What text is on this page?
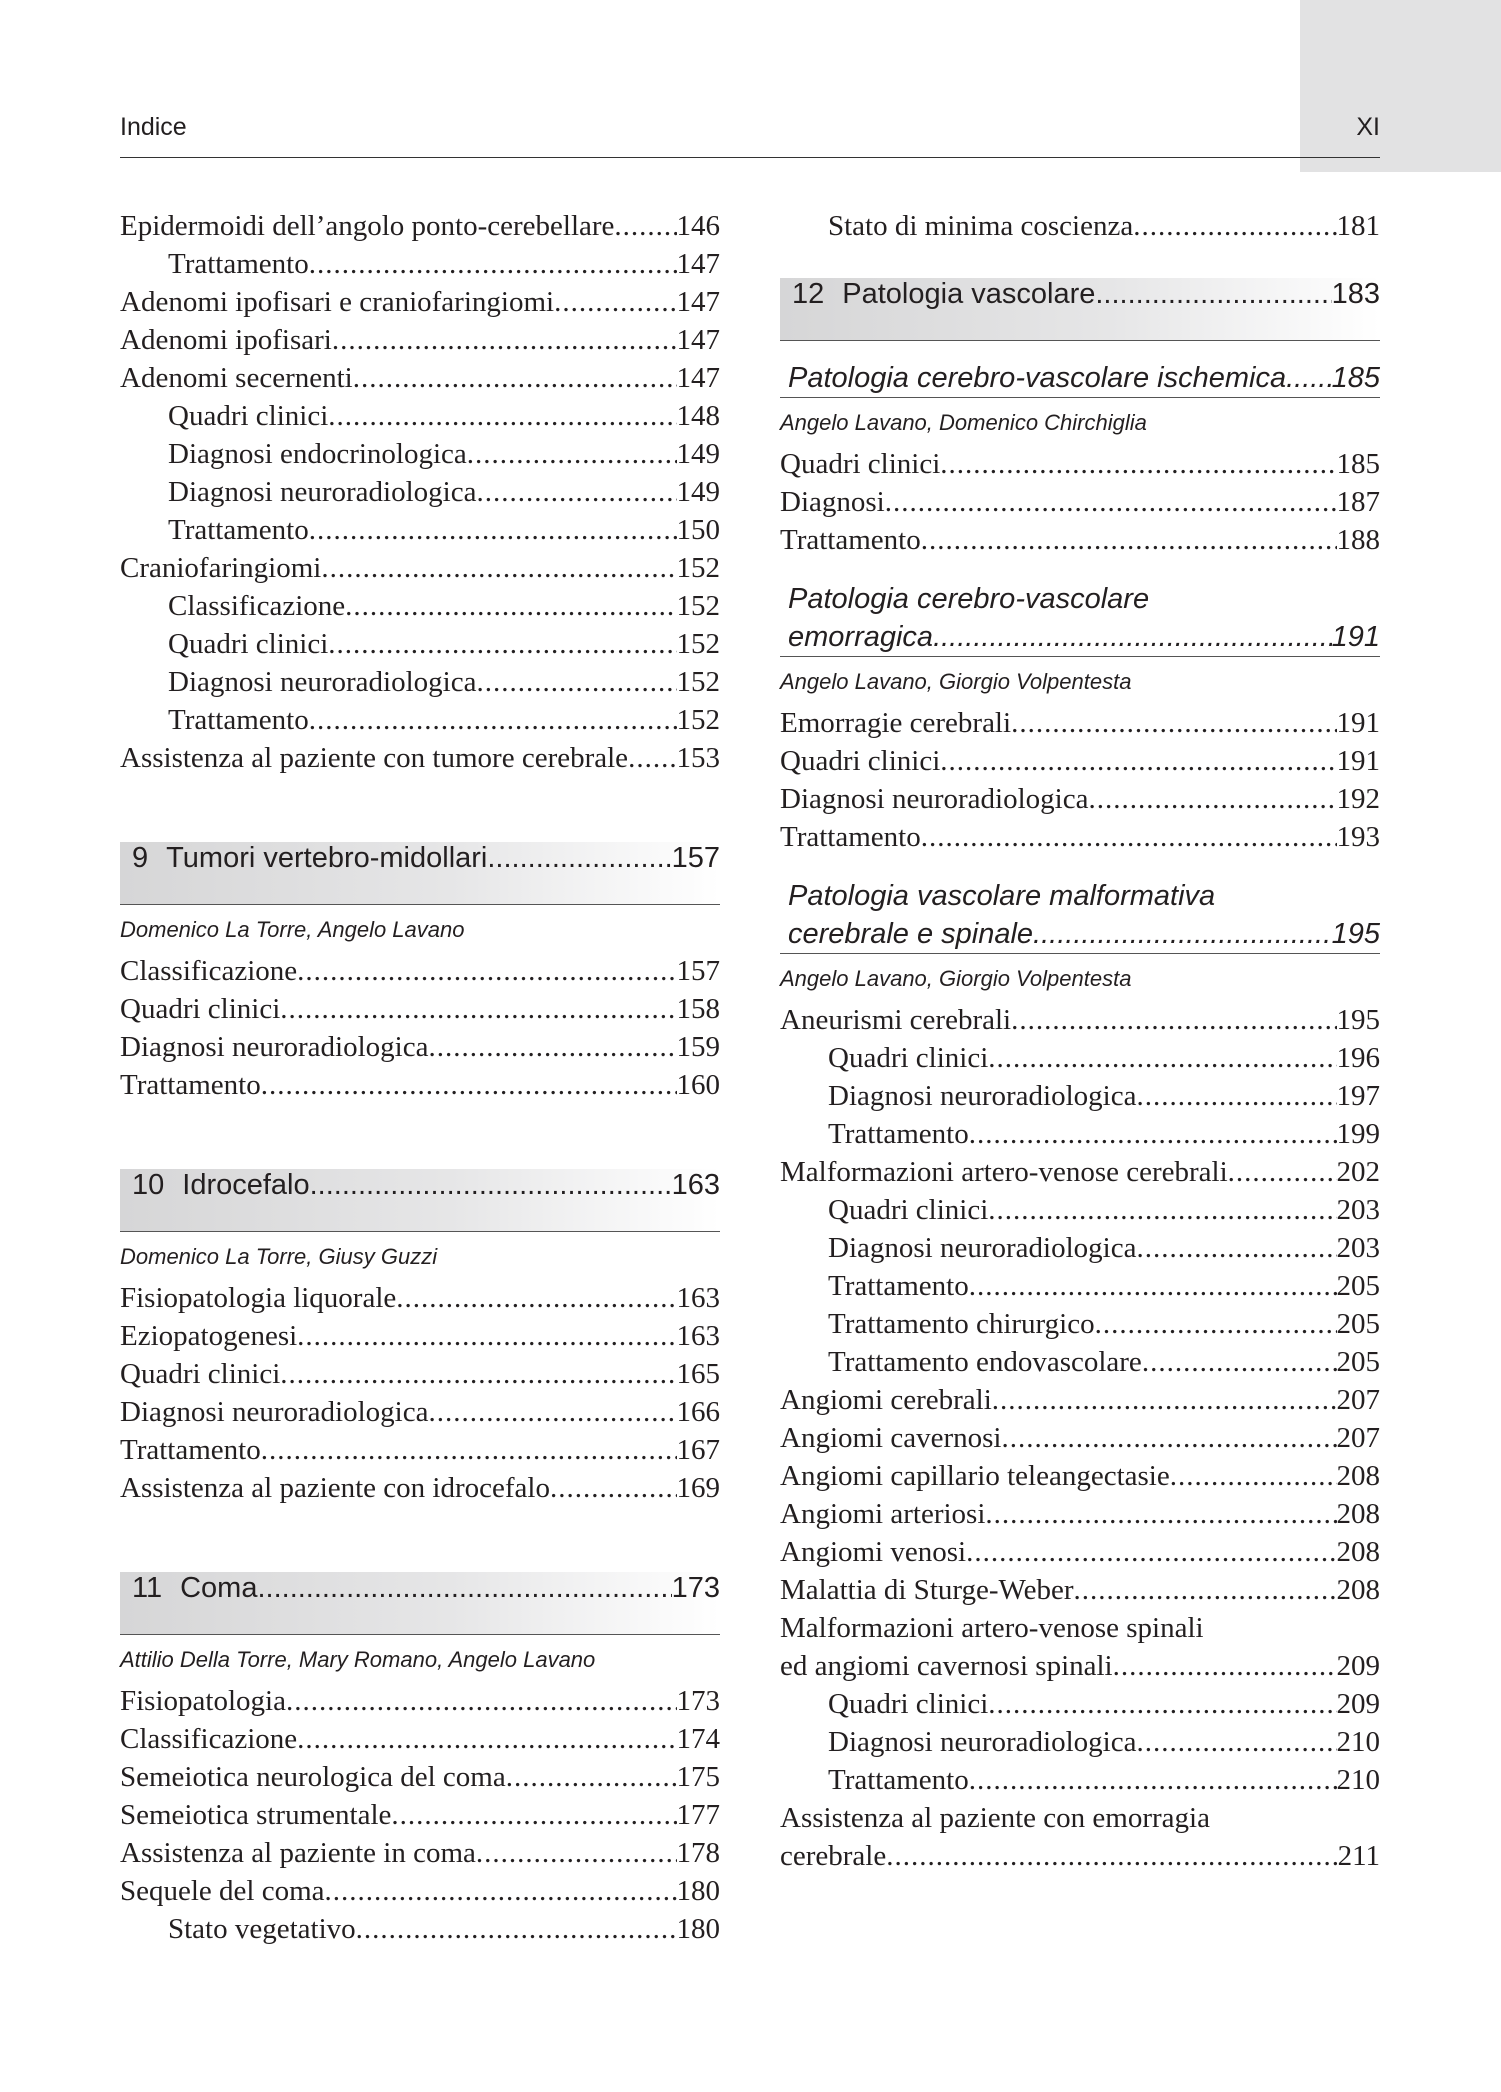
Indice	XI
Epidermoidi dell’angolo ponto-cerebellare ..... 146
Trattamento .....	147
Adenomi ipofisari e craniofaringiomi .....	147
Adenomi ipofisari .....	147
Adenomi secernenti .....	147
Quadri clinici .....	148
Diagnosi endocrinologica .....	149
Diagnosi neuroradiologica .....	149
Trattamento .....	150
Craniofaringiomi .....	152
Classificazione .....	152
Quadri clinici .....	152
Diagnosi neuroradiologica .....	152
Trattamento .....	152
Assistenza al paziente con tumore cerebrale ..... 153
9 Tumori vertebro-midollari .....	157
Domenico La Torre, Angelo Lavano
Classificazione .....	157
Quadri clinici .....	158
Diagnosi neuroradiologica .....	159
Trattamento .....	160
10 Idrocefalo .....	163
Domenico La Torre, Giusy Guzzi
Fisiopatologia liquorale .....	163
Eziopatogenesi .....	163
Quadri clinici .....	165
Diagnosi neuroradiologica .....	166
Trattamento .....	167
Assistenza al paziente con idrocefalo .....	169
11 Coma .....	173
Attilio Della Torre, Mary Romano, Angelo Lavano
Fisiopatologia .....	173
Classificazione .....	174
Semeiotica neurologica del coma .....	175
Semeiotica strumentale .....	177
Assistenza al paziente in coma .....	178
Sequele del coma .....	180
Stato vegetativo .....	180
Stato di minima coscienza .....	181
12 Patologia vascolare .....	183
Patologia cerebro-vascolare ischemica ..... 185
Angelo Lavano, Domenico Chirchiglia
Quadri clinici .....	185
Diagnosi .....	187
Trattamento .....	188
Patologia cerebro-vascolare
emorragica .....	191
Angelo Lavano, Giorgio Volpentesta
Emorragie cerebrali .....	191
Quadri clinici .....	191
Diagnosi neuroradiologica .....	192
Trattamento .....	193
Patologia vascolare malformativa
cerebrale e spinale .....	195
Angelo Lavano, Giorgio Volpentesta
Aneurismi cerebrali .....	195
Quadri clinici .....	196
Diagnosi neuroradiologica .....	197
Trattamento .....	199
Malformazioni artero-venose cerebrali .....	202
Quadri clinici .....	203
Diagnosi neuroradiologica .....	203
Trattamento .....	205
Trattamento chirurgico .....	205
Trattamento endovascolare .....	205
Angiomi cerebrali .....	207
Angiomi cavernosi .....	207
Angiomi capillario teleangectasie .....	208
Angiomi arteriosi .....	208
Angiomi venosi .....	208
Malattia di Sturge-Weber .....	208
Malformazioni artero-venose spinali
ed angiomi cavernosi spinali .....	209
Quadri clinici .....	209
Diagnosi neuroradiologica .....	210
Trattamento .....	210
Assistenza al paziente con emorragia
cerebrale .....	211
